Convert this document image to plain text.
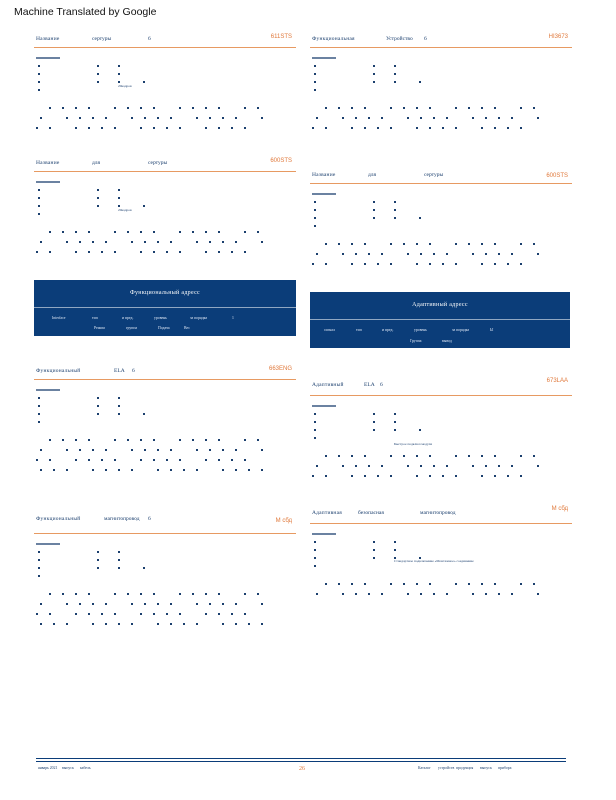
Machine Translated by Google
Название	сертуры	6	611STS
20кадров
Название	для	сертуры	600STS
20кадров
Функциональный адресс
Interface	тип	и пред.	уровень	за порядка	1
Режим	группа	Подача	Вес
Функциональный	ELA 6	663ENG
Функциональный	магнитопровод 6	М сбд
Функциональная	Устройство 6	HI3673
Название	для	сертуры	600STS
Адаптивный адресс
сигнал	тип	и пред.	уровень	за порядка	Ы
Группа	вывод
Адаптивный	ELA 6
673LAA
Быстрое подключ модуля
Адаптивная	безопасная	магнитопровод
М сбд
Стандартное подключение «Монтажное» соединение
январь 2021 выпуск кабель	26	Каталог устройств продукция выпуск прибора
